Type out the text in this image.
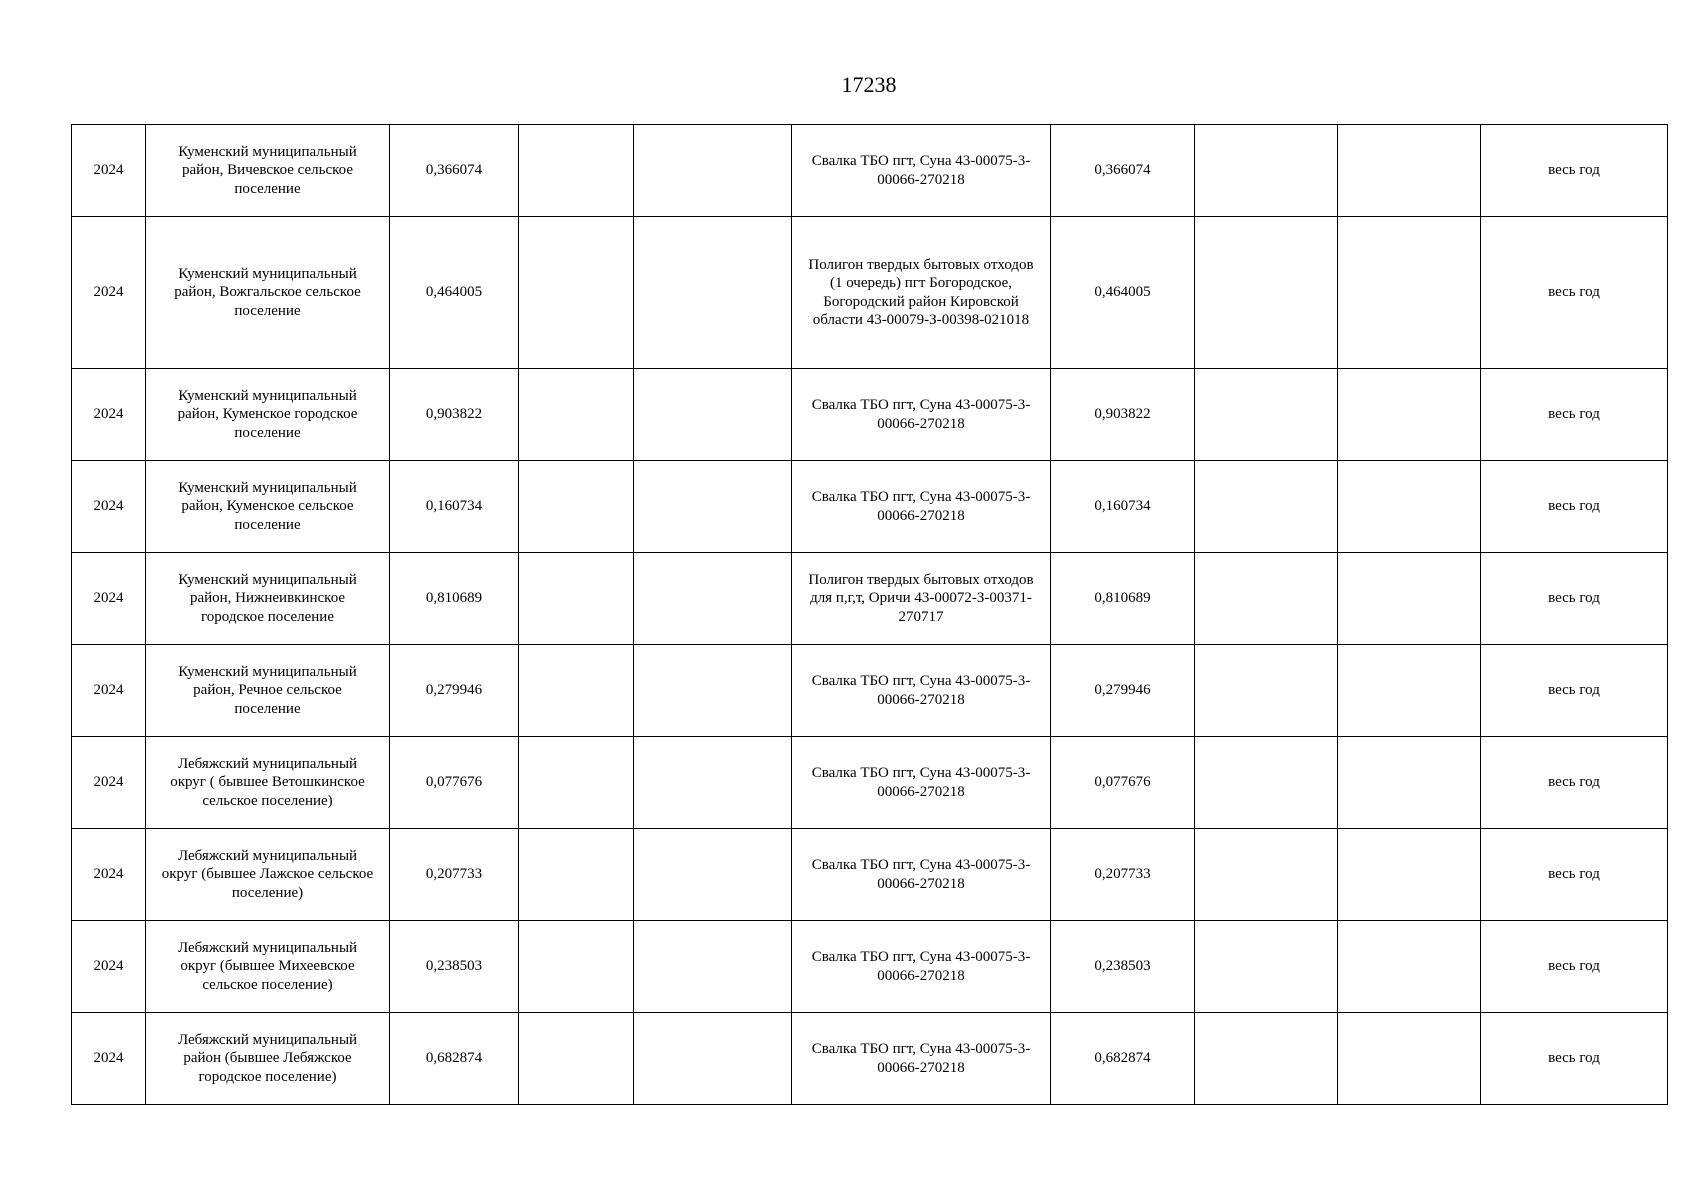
17238
2024	Куменский муниципальный район, Вичевское сельское поселение	0,366074			Свалка ТБО пгт, Суна 43-00075-3-00066-270218	0,366074			весь год
2024	Куменский муниципальный район, Вожгальское сельское поселение	0,464005			Полигон твердых бытовых отходов (1 очередь) пгт Богородское, Богородский район Кировской области 43-00079-З-00398-021018	0,464005			весь год
2024	Куменский муниципальный район, Куменское городское поселение	0,903822			Свалка ТБО пгт, Суна 43-00075-3-00066-270218	0,903822			весь год
2024	Куменский муниципальный район, Куменское сельское поселение	0,160734			Свалка ТБО пгт, Суна 43-00075-3-00066-270218	0,160734			весь год
2024	Куменский муниципальный район, Нижнеивкинское городское поселение	0,810689			Полигон твердых бытовых отходов для п,г,т, Оричи 43-00072-З-00371-270717	0,810689			весь год
2024	Куменский муниципальный район, Речное сельское поселение	0,279946			Свалка ТБО пгт, Суна 43-00075-3-00066-270218	0,279946			весь год
2024	Лебяжский муниципальный округ ( бывшее Ветошкинское сельское поселение)	0,077676			Свалка ТБО пгт, Суна 43-00075-3-00066-270218	0,077676			весь год
2024	Лебяжский муниципальный округ (бывшее Лажское сельское поселение)	0,207733			Свалка ТБО пгт, Суна 43-00075-3-00066-270218	0,207733			весь год
2024	Лебяжский муниципальный округ (бывшее Михеевское сельское поселение)	0,238503			Свалка ТБО пгт, Суна 43-00075-3-00066-270218	0,238503			весь год
2024	Лебяжский муниципальный район (бывшее Лебяжское городское поселение)	0,682874			Свалка ТБО пгт, Суна 43-00075-3-00066-270218	0,682874			весь год
